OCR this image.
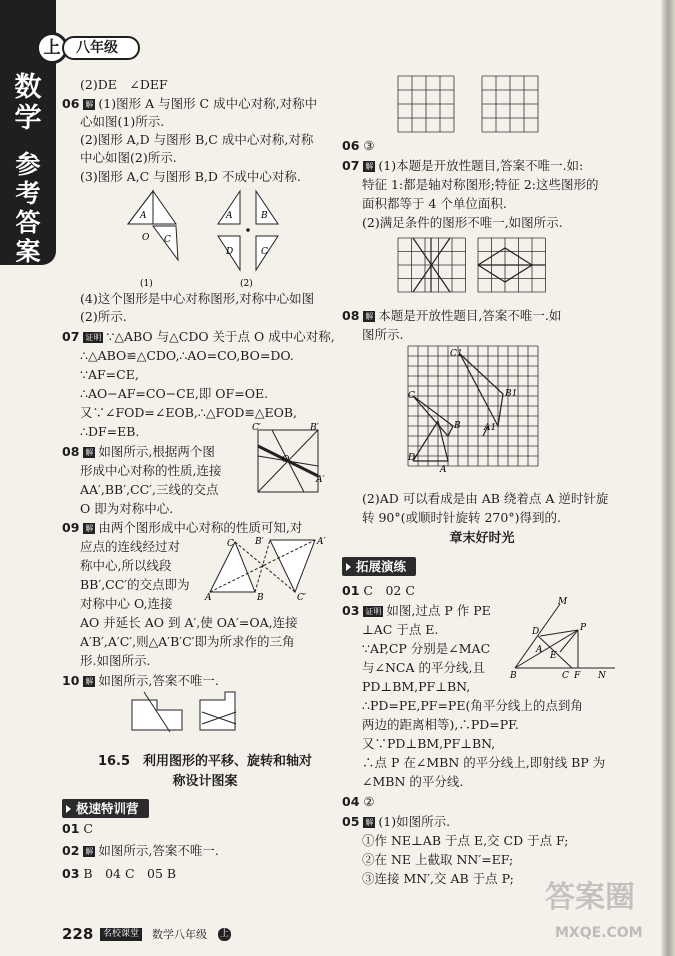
数学
参考答案
上	八年级
(2)DE　∠DEF
06 解 (1)图形 A 与图形 C 成中心对称,对称中
心如图(1)所示.
(2)图形 A,D 与图形 B,C 成中心对称,对称
中心如图(2)所示.
(3)图形 A,C 与图形 B,D 不成中心对称.
(4)这个图形是中心对称图形,对称中心如图
(2)所示.
07 证明 ∵△ABO 与△CDO 关于点 O 成中心对称,
∴△ABO≌△CDO,∴AO=CO,BO=DO.
∵AF=CE,
∴AO−AF=CO−CE,即 OF=OE.
又∵∠FOD=∠EOB,∴△FOD≌△EOB,
∴DF=EB.
08 解 如图所示,根据两个图
形成中心对称的性质,连接
AA′,BB′,CC′,三线的交点
O 即为对称中心.
09 解 由两个图形成中心对称的性质可知,对
应点的连线经过对
称中心,所以线段
BB′,CC′的交点即为
对称中心 O,连接
AO 并延长 AO 到 A′,使 OA′=OA,连接
A′B′,A′C′,则△A′B′C′即为所求作的三角
形.如图所示.
10 解 如图所示,答案不唯一.
01 C
02 解 如图所示,答案不唯一.
03 B　04 C　05 B
06 ③
07 解 (1)本题是开放性题目,答案不唯一.如:
特征 1:都是轴对称图形;特征 2:这些图形的
面积都等于 4 个单位面积.
(2)满足条件的图形不唯一,如图所示.
08 解 本题是开放性题目,答案不唯一.如
图所示.
(2)AD 可以看成是由 AB 绕着点 A 逆时针旋
转 90°(或顺时针旋转 270°)得到的.
01 C　02 C
03 证明 如图,过点 P 作 PE
⊥AC 于点 E.
∵AP,CP 分别是∠MAC
与∠NCA 的平分线,且
PD⊥BM,PF⊥BN,
∴PD=PE,PF=PE(角平分线上的点到角
两边的距离相等),∴PD=PF.
又∵PD⊥BM,PF⊥BN,
∴点 P 在∠MBN 的平分线上,即射线 BP 为
∠MBN 的平分线.
04 ②
05 解 (1)如图所示.
①作 NE⊥AB 于点 E,交 CD 于点 F;
②在 NE 上截取 NN′=EF;
③连接 MN′,交 AB 于点 P;
A
O C
A	B
D	C
(1)	(2)
C′	B′
O
A′
C B′
A	B	C′
A′
16.5　利用图形的平移、旋转和轴对
称设计图案
极速特训营
C1
B1
C
B	A1
D
A
章末好时光
拓展演练
M
D
B	C F N
P
E
A
228	名校课堂 数学八年级 上
答案圈
MXQE.COM
